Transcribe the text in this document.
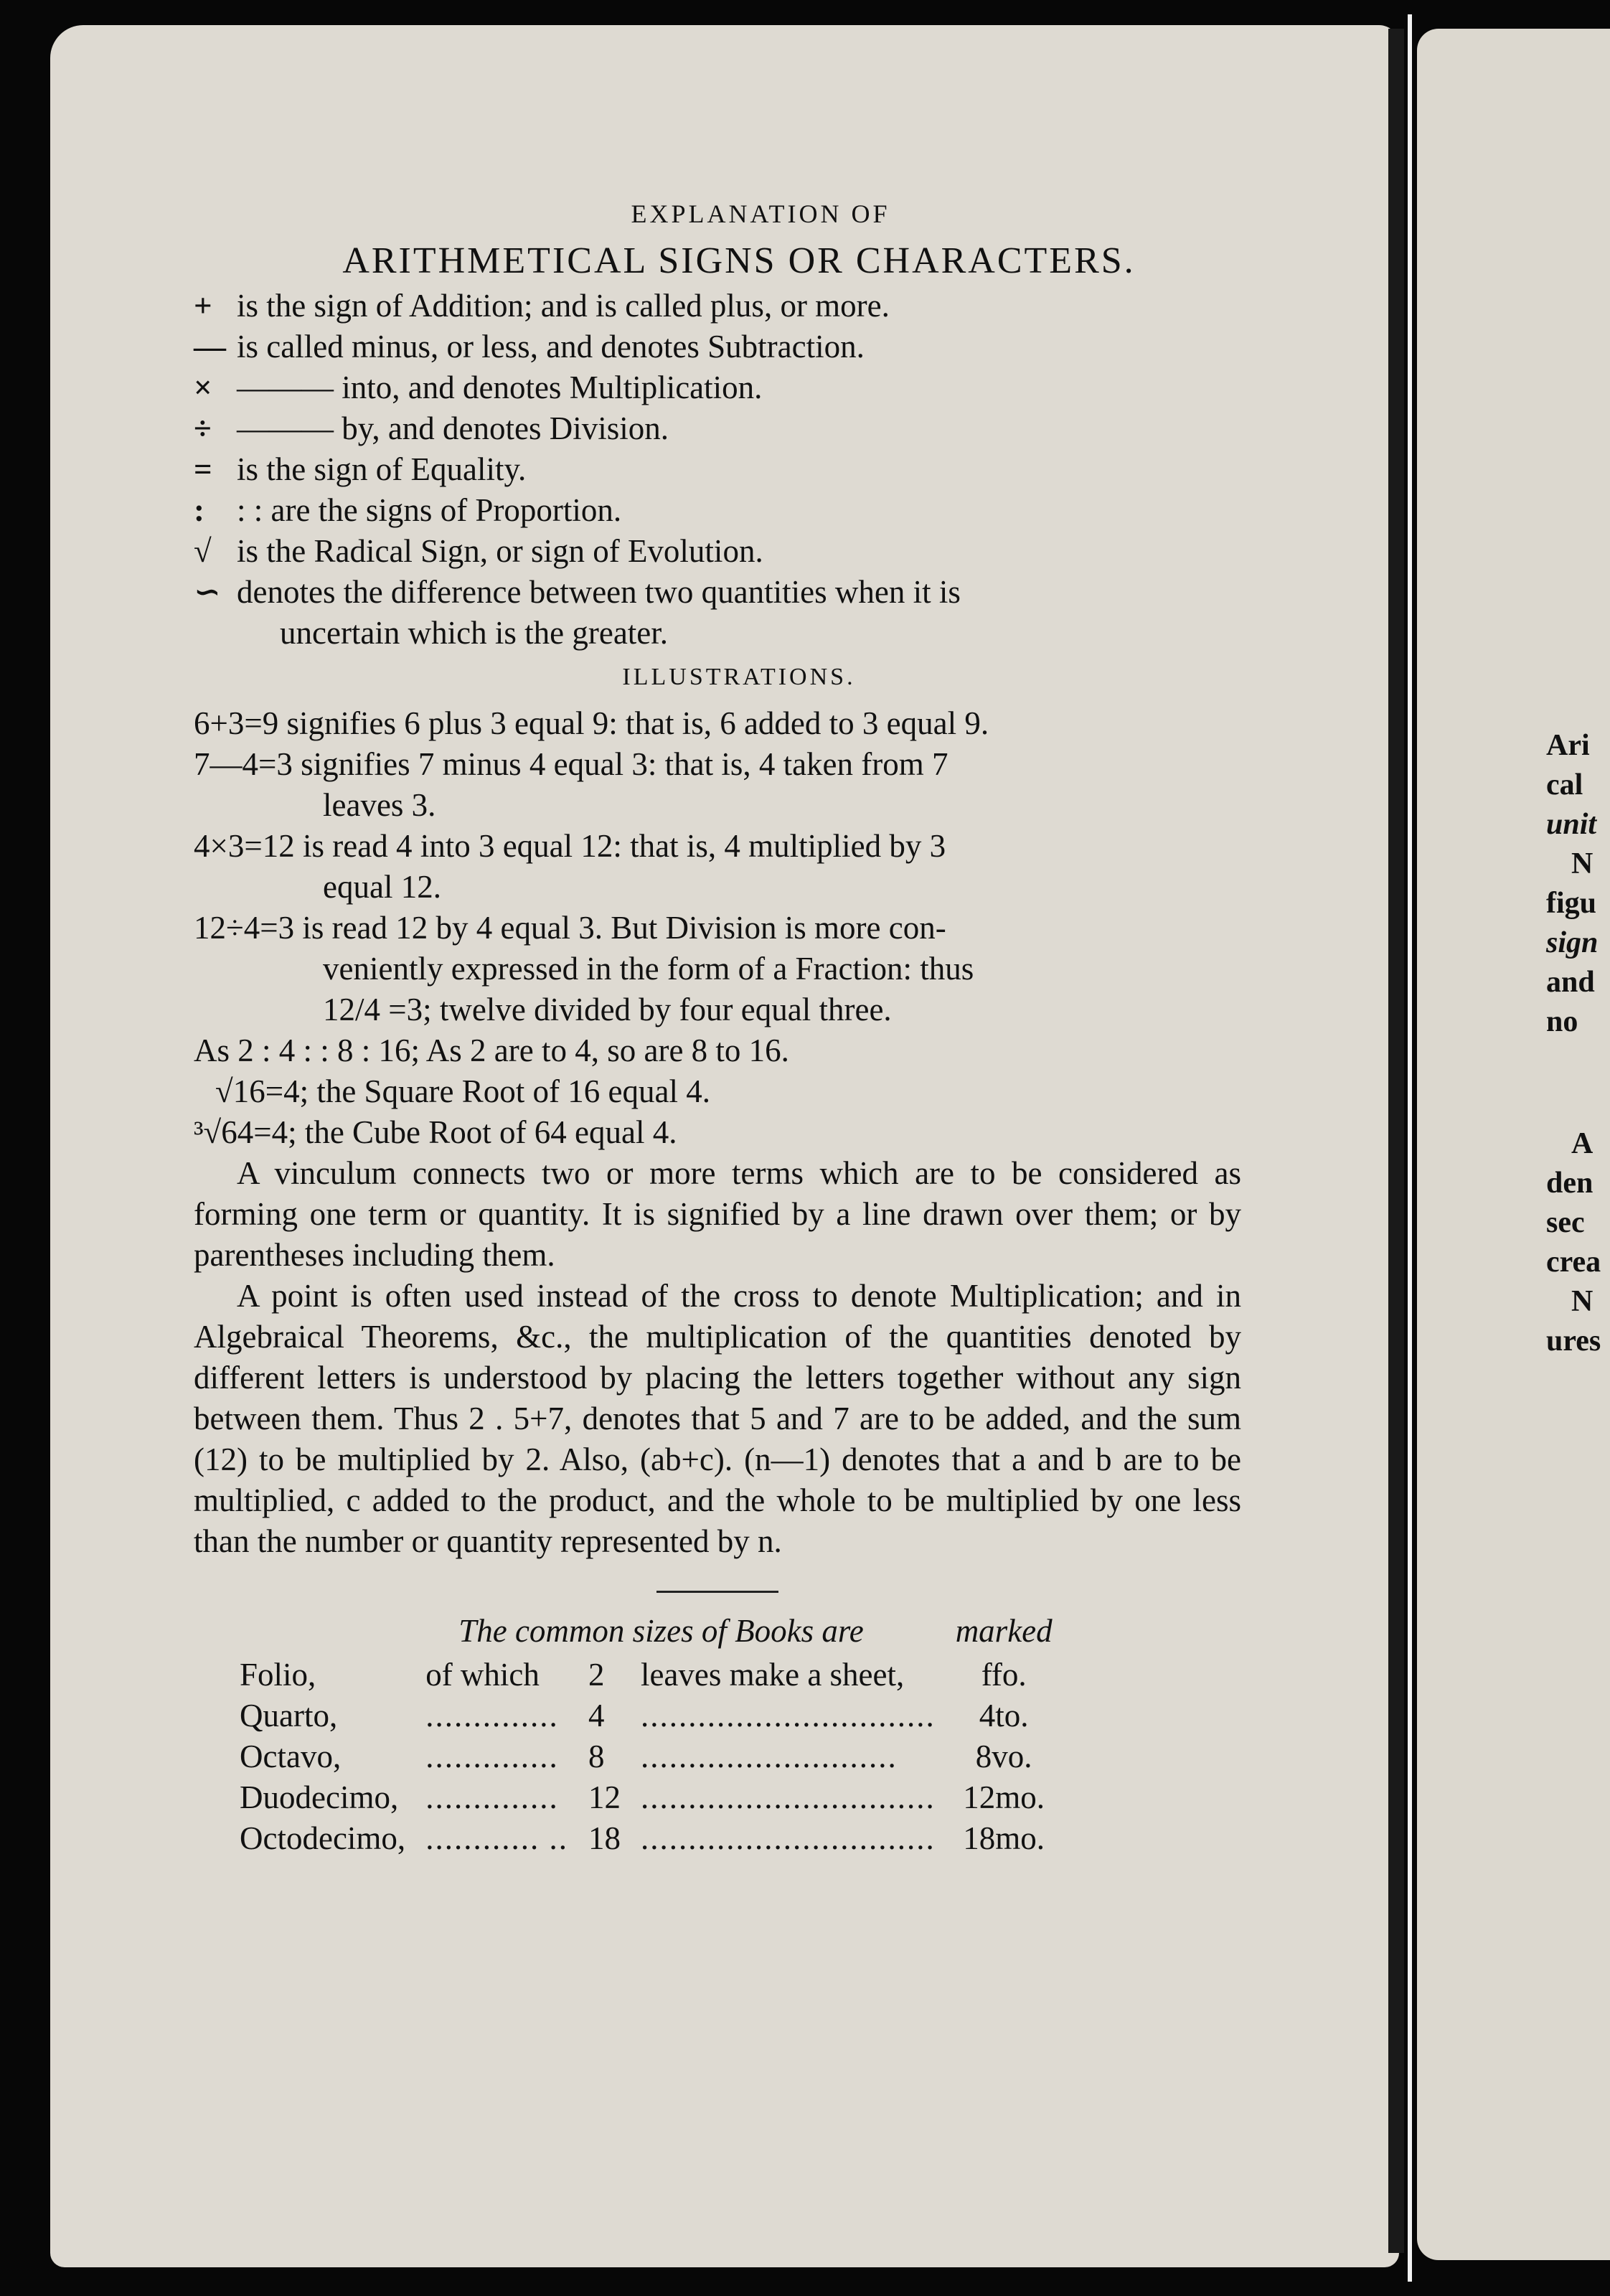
Ari
cal
unit
N
figu
sign
and
no
A
den
sec
crea
N
ures
EXPLANATION OF
ARITHMETICAL SIGNS OR CHARACTERS.
+ is the sign of Addition; and is called plus, or more.
— is called minus, or less, and denotes Subtraction.
× ——— into, and denotes Multiplication.
÷ ——— by, and denotes Division.
= is the sign of Equality.
: : : are the signs of Proportion.
√ is the Radical Sign, or sign of Evolution.
∽ denotes the difference between two quantities when it is
uncertain which is the greater.
ILLUSTRATIONS.
6+3=9 signifies 6 plus 3 equal 9: that is, 6 added to 3 equal 9.
7—4=3 signifies 7 minus 4 equal 3: that is, 4 taken from 7
leaves 3.
4×3=12 is read 4 into 3 equal 12: that is, 4 multiplied by 3
equal 12.
12÷4=3 is read 12 by 4 equal 3. But Division is more con-
veniently expressed in the form of a Fraction: thus
12/4 =3; twelve divided by four equal three.
As 2 : 4 : : 8 : 16; As 2 are to 4, so are 8 to 16.
√16=4; the Square Root of 16 equal 4.
³√64=4; the Cube Root of 64 equal 4.

A vinculum connects two or more terms which are to be considered as forming one term or quantity. It is signified by a line drawn over them; or by parentheses including them.

A point is often used instead of the cross to denote Multiplication; and in Algebraical Theorems, &c., the multiplication of the quantities denoted by different letters is understood by placing the letters together without any sign between them. Thus 2 . 5+7, denotes that 5 and 7 are to be added, and the sum (12) to be multiplied by 2. Also, (ab+c). (n—1) denotes that a and b are to be multiplied, c added to the product, and the whole to be multiplied by one less than the number or quantity represented by n.

	The common sizes of Books are			marked
Folio,	of which	2	leaves make a sheet,	ffo.
Quarto,	..............	4	...............................	4to.
Octavo,	..............	8	...........................	8vo.
Duodecimo,	..............	12	...............................	12mo.
Octodecimo,	............ ..	18	...............................	18mo.
